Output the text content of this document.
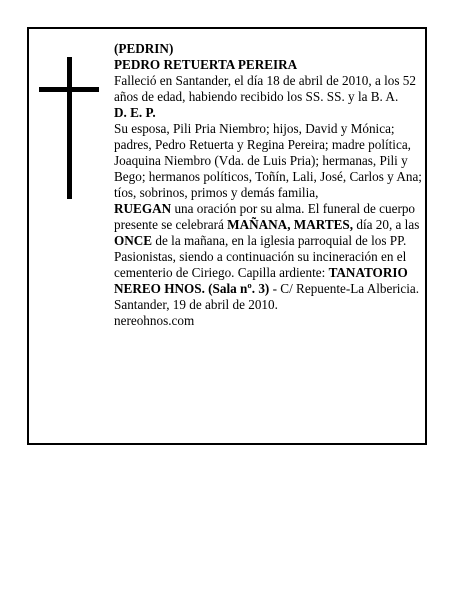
(PEDRIN)

PEDRO RETUERTA PEREIRA

Falleció en Santander, el día 18 de abril de 2010, a los 52 años de edad, habiendo recibido los SS. SS. y la B. A.

D. E. P.

Su esposa, Pili Pria Niembro; hijos, David y Mónica; padres, Pedro Retuerta y Regina Pereira; madre política, Joaquina Niembro (Vda. de Luis Pria); hermanas, Pili y Bego; hermanos políticos, Toñín, Lali, José, Carlos y Ana; tíos, sobrinos, primos y demás familia,

RUEGAN una oración por su alma. El funeral de cuerpo presente se celebrará MAÑANA, MARTES, día 20, a las ONCE de la mañana, en la iglesia parroquial de los PP. Pasionistas, siendo a continuación su incineración en el cementerio de Ciriego. Capilla ardiente: TANATORIO NEREO HNOS. (Sala nº. 3) - C/ Repuente-La Albericia.

Santander, 19 de abril de 2010.

nereohnos.com
